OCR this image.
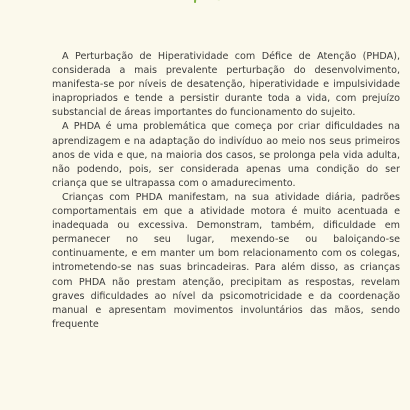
A Perturbação de Hiperatividade com Défice de Atenção (PHDA), considerada a mais prevalente perturbação do desenvolvimento, manifesta-se por níveis de desatenção, hiperatividade e impulsividade inapropriados e tende a persistir durante toda a vida, com prejuízo substancial de áreas importantes do funcionamento do sujeito.

A PHDA é uma problemática que começa por criar dificuldades na aprendizagem e na adaptação do indivíduo ao meio nos seus primeiros anos de vida e que, na maioria dos casos, se prolonga pela vida adulta, não podendo, pois, ser considerada apenas uma condição do ser criança que se ultrapassa com o amadurecimento.

Crianças com PHDA manifestam, na sua atividade diária, padrões comportamentais em que a atividade motora é muito acentuada e inadequada ou excessiva. Demonstram, também, dificuldade em permanecer no seu lugar, mexendo-se ou baloiçando-se continuamente, e em manter um bom relacionamento com os colegas, intrometendo-se nas suas brincadeiras. Para além disso, as crianças com PHDA não prestam atenção, precipitam as respostas, revelam graves dificuldades ao nível da psicomotricidade e da coordenação manual e apresentam movimentos involuntários das mãos, sendo frequente
